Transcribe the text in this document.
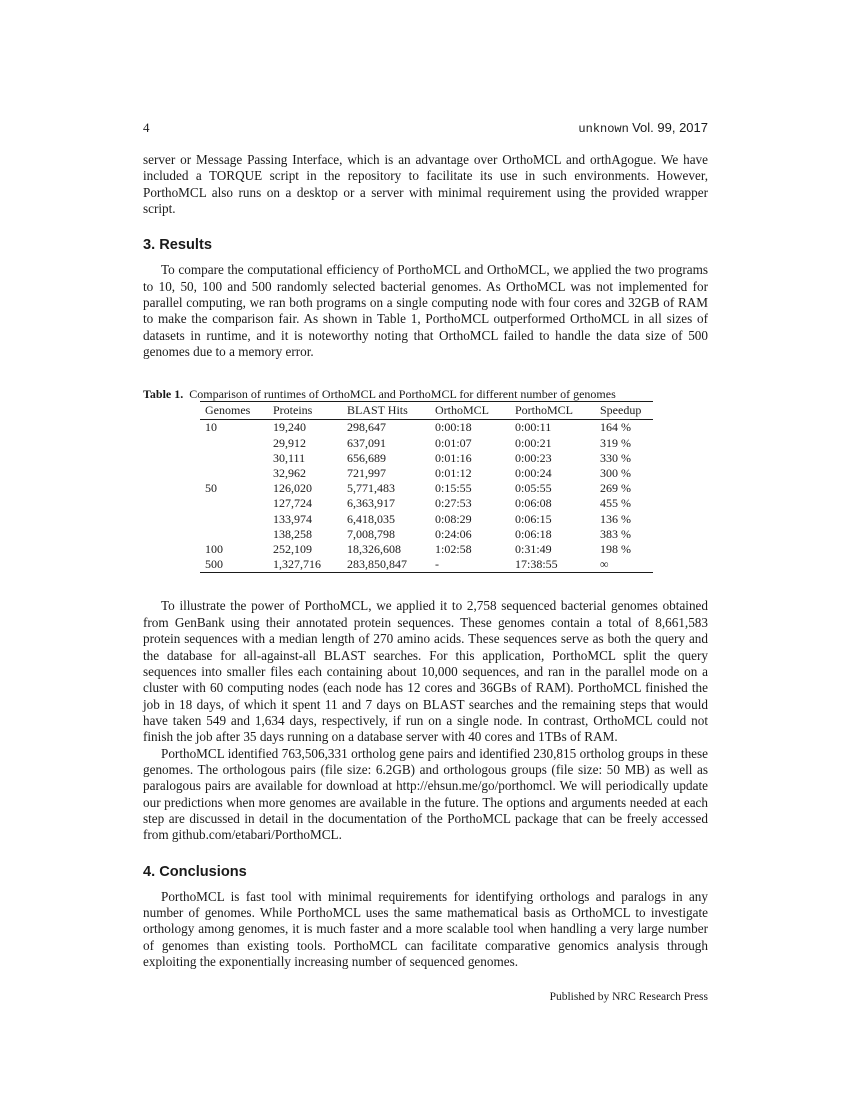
4	unknown Vol. 99, 2017

server or Message Passing Interface, which is an advantage over OrthoMCL and orthAgogue. We have included a TORQUE script in the repository to facilitate its use in such environments. However, PorthoMCL also runs on a desktop or a server with minimal requirement using the provided wrapper script.

3. Results

To compare the computational efficiency of PorthoMCL and OrthoMCL, we applied the two programs to 10, 50, 100 and 500 randomly selected bacterial genomes. As OrthoMCL was not implemented for parallel computing, we ran both programs on a single computing node with four cores and 32GB of RAM to make the comparison fair. As shown in Table 1, PorthoMCL outperformed OrthoMCL in all sizes of datasets in runtime, and it is noteworthy noting that OrthoMCL failed to handle the data size of 500 genomes due to a memory error.

Table 1. Comparison of runtimes of OrthoMCL and PorthoMCL for different number of genomes
Genomes	Proteins	BLAST Hits	OrthoMCL	PorthoMCL	Speedup
10	19,240	298,647	0:00:18	0:00:11	164 %
	29,912	637,091	0:01:07	0:00:21	319 %
	30,111	656,689	0:01:16	0:00:23	330 %
	32,962	721,997	0:01:12	0:00:24	300 %
50	126,020	5,771,483	0:15:55	0:05:55	269 %
	127,724	6,363,917	0:27:53	0:06:08	455 %
	133,974	6,418,035	0:08:29	0:06:15	136 %
	138,258	7,008,798	0:24:06	0:06:18	383 %
100	252,109	18,326,608	1:02:58	0:31:49	198 %
500	1,327,716	283,850,847	-	17:38:55	∞

To illustrate the power of PorthoMCL, we applied it to 2,758 sequenced bacterial genomes obtained from GenBank using their annotated protein sequences. These genomes contain a total of 8,661,583 protein sequences with a median length of 270 amino acids. These sequences serve as both the query and the database for all-against-all BLAST searches. For this application, PorthoMCL split the query sequences into smaller files each containing about 10,000 sequences, and ran in the parallel mode on a cluster with 60 computing nodes (each node has 12 cores and 36GBs of RAM). PorthoMCL finished the job in 18 days, of which it spent 11 and 7 days on BLAST searches and the remaining steps that would have taken 549 and 1,634 days, respectively, if run on a single node. In contrast, OrthoMCL could not finish the job after 35 days running on a database server with 40 cores and 1TBs of RAM.

PorthoMCL identified 763,506,331 ortholog gene pairs and identified 230,815 ortholog groups in these genomes. The orthologous pairs (file size: 6.2GB) and orthologous groups (file size: 50 MB) as well as paralogous pairs are available for download at http://ehsun.me/go/porthomcl. We will periodically update our predictions when more genomes are available in the future. The options and arguments needed at each step are discussed in detail in the documentation of the PorthoMCL package that can be freely accessed from github.com/etabari/PorthoMCL.

4. Conclusions

PorthoMCL is fast tool with minimal requirements for identifying orthologs and paralogs in any number of genomes. While PorthoMCL uses the same mathematical basis as OrthoMCL to investigate orthology among genomes, it is much faster and a more scalable tool when handling a very large number of genomes than existing tools. PorthoMCL can facilitate comparative genomics analysis through exploiting the exponentially increasing number of sequenced genomes.

Published by NRC Research Press
